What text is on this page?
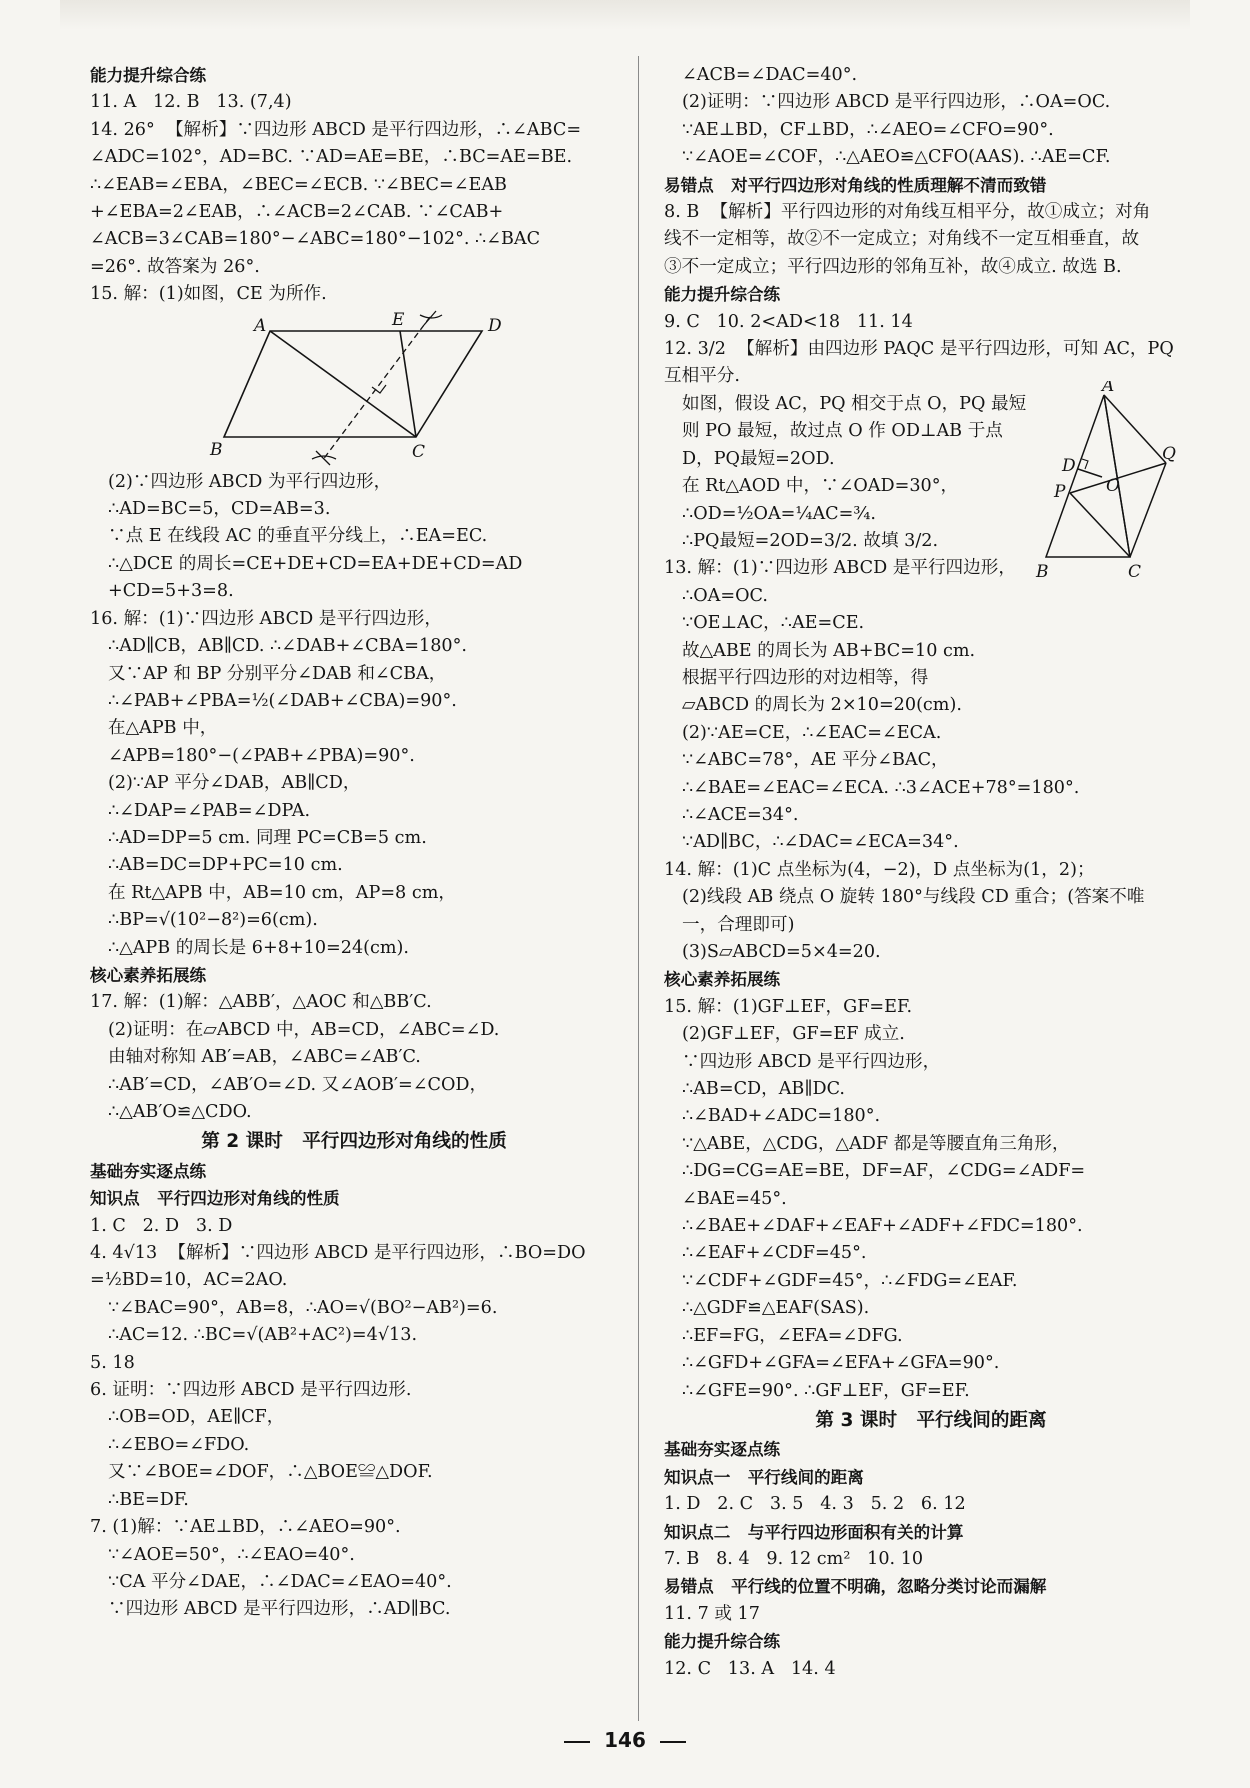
能力提升综合练
11. A   12. B   13. (7,4)
14. 26°  【解析】∵四边形 ABCD 是平行四边形，∴∠ABC=
∠ADC=102°，AD=BC. ∵AD=AE=BE，∴BC=AE=BE.
∴∠EAB=∠EBA，∠BEC=∠ECB. ∵∠BEC=∠EAB
+∠EBA=2∠EAB，∴∠ACB=2∠CAB. ∵∠CAB+
∠ACB=3∠CAB=180°−∠ABC=180°−102°. ∴∠BAC
=26°. 故答案为 26°.
15. 解：(1)如图，CE 为所作.
A	E	D
B	C
(2)∵四边形 ABCD 为平行四边形，
∴AD=BC=5，CD=AB=3.
∵点 E 在线段 AC 的垂直平分线上，∴EA=EC.
∴△DCE 的周长=CE+DE+CD=EA+DE+CD=AD
+CD=5+3=8.
16. 解：(1)∵四边形 ABCD 是平行四边形，
∴AD∥CB，AB∥CD. ∴∠DAB+∠CBA=180°.
又∵AP 和 BP 分别平分∠DAB 和∠CBA，
∴∠PAB+∠PBA=½(∠DAB+∠CBA)=90°.
在△APB 中，
∠APB=180°−(∠PAB+∠PBA)=90°.
(2)∵AP 平分∠DAB，AB∥CD，
∴∠DAP=∠PAB=∠DPA.
∴AD=DP=5 cm. 同理 PC=CB=5 cm.
∴AB=DC=DP+PC=10 cm.
在 Rt△APB 中，AB=10 cm，AP=8 cm，
∴BP=√(10²−8²)=6(cm).
∴△APB 的周长是 6+8+10=24(cm).
核心素养拓展练
17. 解：(1)解：△ABB′，△AOC 和△BB′C.
(2)证明：在▱ABCD 中，AB=CD，∠ABC=∠D.
由轴对称知 AB′=AB，∠ABC=∠AB′C.
∴AB′=CD，∠AB′O=∠D. 又∠AOB′=∠COD，
∴△AB′O≌△CDO.
第 2 课时   平行四边形对角线的性质
基础夯实逐点练
知识点   平行四边形对角线的性质
1. C   2. D   3. D
4. 4√13  【解析】∵四边形 ABCD 是平行四边形，∴BO=DO
=½BD=10，AC=2AO.
∵∠BAC=90°，AB=8，∴AO=√(BO²−AB²)=6.
∴AC=12. ∴BC=√(AB²+AC²)=4√13.
5. 18
6. 证明：∵四边形 ABCD 是平行四边形.
∴OB=OD，AE∥CF，
∴∠EBO=∠FDO.
又∵∠BOE=∠DOF，∴△BOE≌△DOF.
∴BE=DF.
7. (1)解：∵AE⊥BD，∴∠AEO=90°.
∵∠AOE=50°，∴∠EAO=40°.
∵CA 平分∠DAE，∴∠DAC=∠EAO=40°.
∵四边形 ABCD 是平行四边形，∴AD∥BC.
∠ACB=∠DAC=40°.
(2)证明：∵四边形 ABCD 是平行四边形，∴OA=OC.
∵AE⊥BD，CF⊥BD，∴∠AEO=∠CFO=90°.
∵∠AOE=∠COF，∴△AEO≌△CFO(AAS). ∴AE=CF.
易错点   对平行四边形对角线的性质理解不清而致错
8. B  【解析】平行四边形的对角线互相平分，故①成立；对角
线不一定相等，故②不一定成立；对角线不一定互相垂直，故
③不一定成立；平行四边形的邻角互补，故④成立. 故选 B.
能力提升综合练
9. C   10. 2<AD<18   11. 14
12. 3/2  【解析】由四边形 PAQC 是平行四边形，可知 AC，PQ
互相平分.	A
Q
D
O
P
B	C
如图，假设 AC，PQ 相交于点 O，PQ 最短
则 PO 最短，故过点 O 作 OD⊥AB 于点
D，PQ最短=2OD.
在 Rt△AOD 中，∵∠OAD=30°，
∴OD=½OA=¼AC=¾.
∴PQ最短=2OD=3/2. 故填 3/2.
13. 解：(1)∵四边形 ABCD 是平行四边形，
∴OA=OC.
∵OE⊥AC，∴AE=CE.
故△ABE 的周长为 AB+BC=10 cm.
根据平行四边形的对边相等，得
▱ABCD 的周长为 2×10=20(cm).
(2)∵AE=CE，∴∠EAC=∠ECA.
∵∠ABC=78°，AE 平分∠BAC，
∴∠BAE=∠EAC=∠ECA. ∴3∠ACE+78°=180°.
∴∠ACE=34°.
∵AD∥BC，∴∠DAC=∠ECA=34°.
14. 解：(1)C 点坐标为(4，−2)，D 点坐标为(1，2)；
(2)线段 AB 绕点 O 旋转 180°与线段 CD 重合；(答案不唯
一，合理即可)
(3)S▱ABCD=5×4=20.
核心素养拓展练
15. 解：(1)GF⊥EF，GF=EF.
(2)GF⊥EF，GF=EF 成立.
∵四边形 ABCD 是平行四边形，
∴AB=CD，AB∥DC.
∴∠BAD+∠ADC=180°.
∵△ABE，△CDG，△ADF 都是等腰直角三角形，
∴DG=CG=AE=BE，DF=AF，∠CDG=∠ADF=
∠BAE=45°.
∴∠BAE+∠DAF+∠EAF+∠ADF+∠FDC=180°.
∴∠EAF+∠CDF=45°.
∵∠CDF+∠GDF=45°，∴∠FDG=∠EAF.
∴△GDF≌△EAF(SAS).
∴EF=FG，∠EFA=∠DFG.
∴∠GFD+∠GFA=∠EFA+∠GFA=90°.
∴∠GFE=90°. ∴GF⊥EF，GF=EF.
第 3 课时   平行线间的距离
基础夯实逐点练
知识点一   平行线间的距离
1. D   2. C   3. 5   4. 3   5. 2   6. 12
知识点二   与平行四边形面积有关的计算
7. B   8. 4   9. 12 cm²   10. 10
易错点   平行线的位置不明确，忽略分类讨论而漏解
11. 7 或 17
能力提升综合练
12. C   13. A   14. 4
146
